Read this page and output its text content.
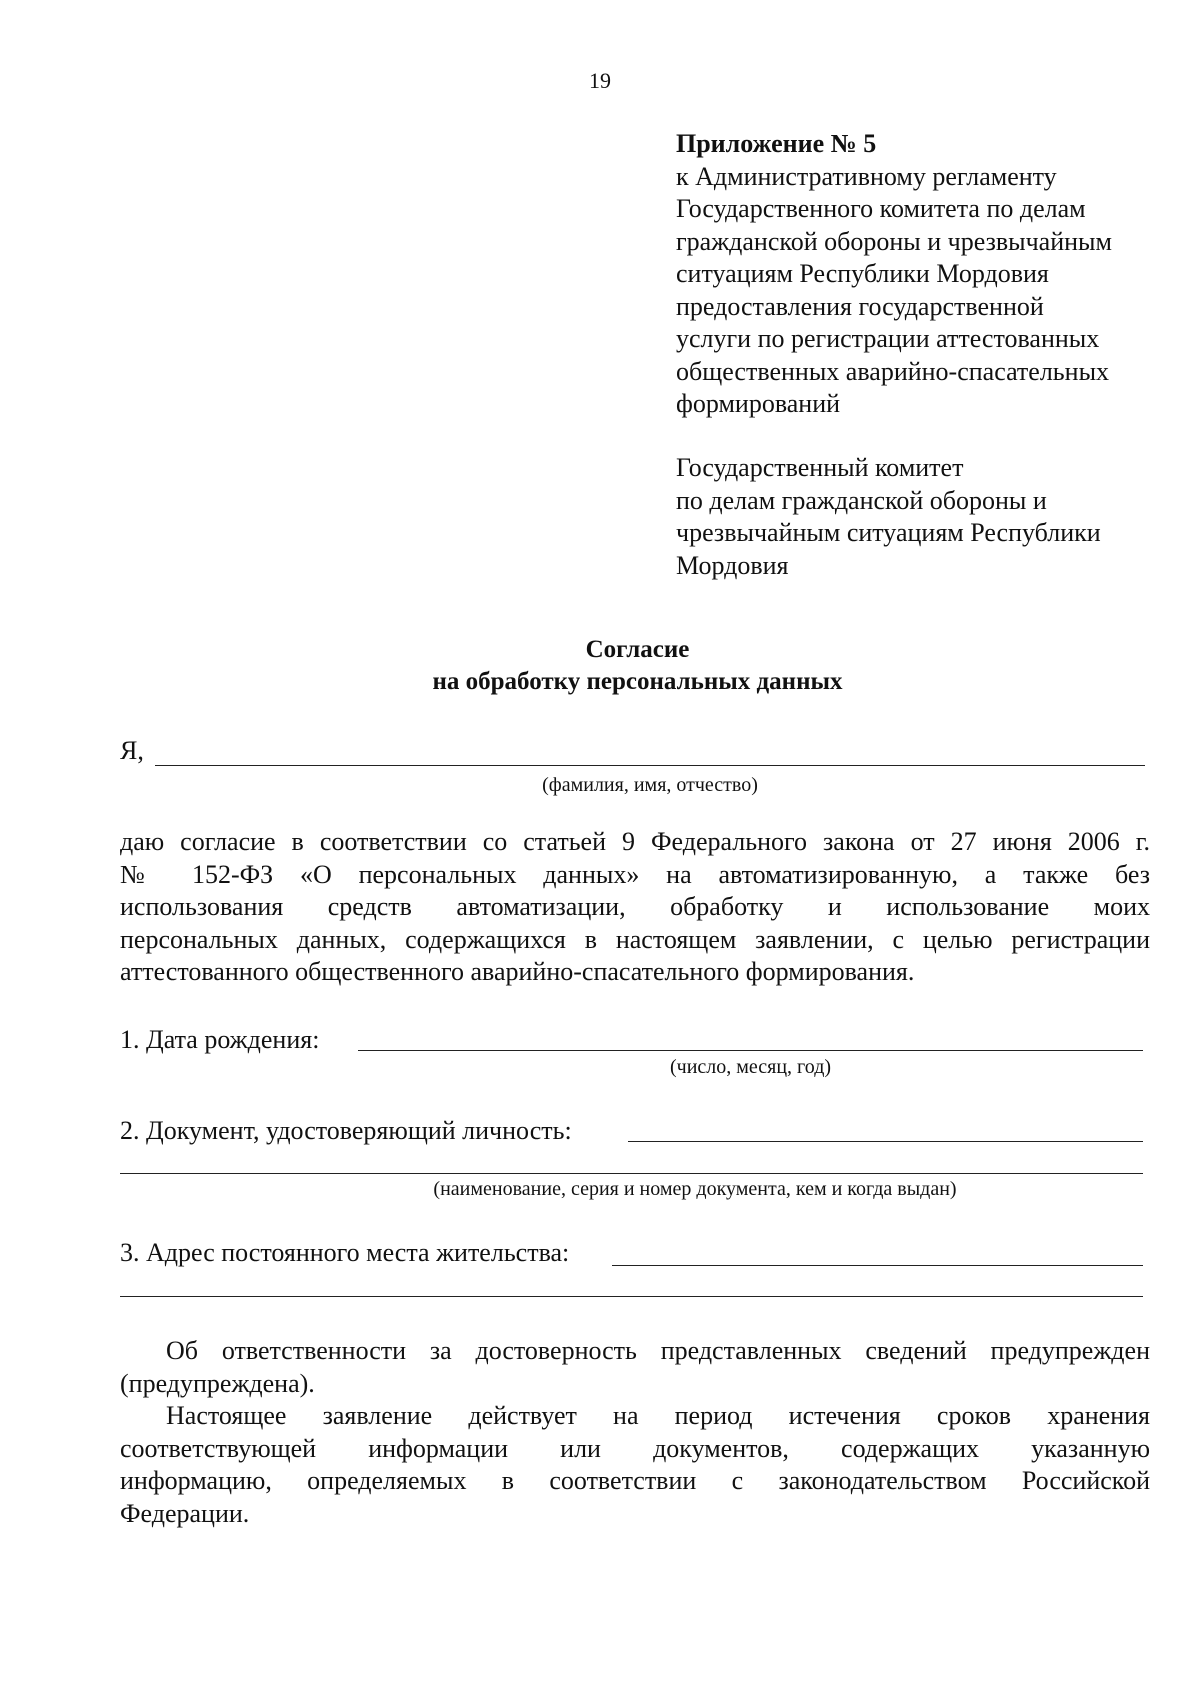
19
Приложение № 5
к Административному регламенту
Государственного комитета по делам
гражданской обороны и чрезвычайным
ситуациям Республики Мордовия
предоставления государственной
услуги по регистрации аттестованных
общественных аварийно-спасательных
формирований
Государственный комитет
по делам гражданской обороны и
чрезвычайным ситуациям Республики
Мордовия
Согласие
на обработку персональных данных
Я,
(фамилия, имя, отчество)
даю согласие в соответствии со статьей 9 Федерального закона от 27 июня 2006 г.
№ 152-ФЗ «О персональных данных» на автоматизированную, а также без
использования средств автоматизации, обработку и использование моих
персональных данных, содержащихся в настоящем заявлении, с целью регистрации
аттестованного общественного аварийно-спасательного формирования.
1. Дата рождения:
(число, месяц, год)
2. Документ, удостоверяющий личность:
(наименование, серия и номер документа, кем и когда выдан)
3. Адрес постоянного места жительства:
Об ответственности за достоверность представленных сведений предупрежден
(предупреждена).
Настоящее заявление действует на период истечения сроков хранения
соответствующей информации или документов, содержащих указанную
информацию, определяемых в соответствии с законодательством Российской
Федерации.
